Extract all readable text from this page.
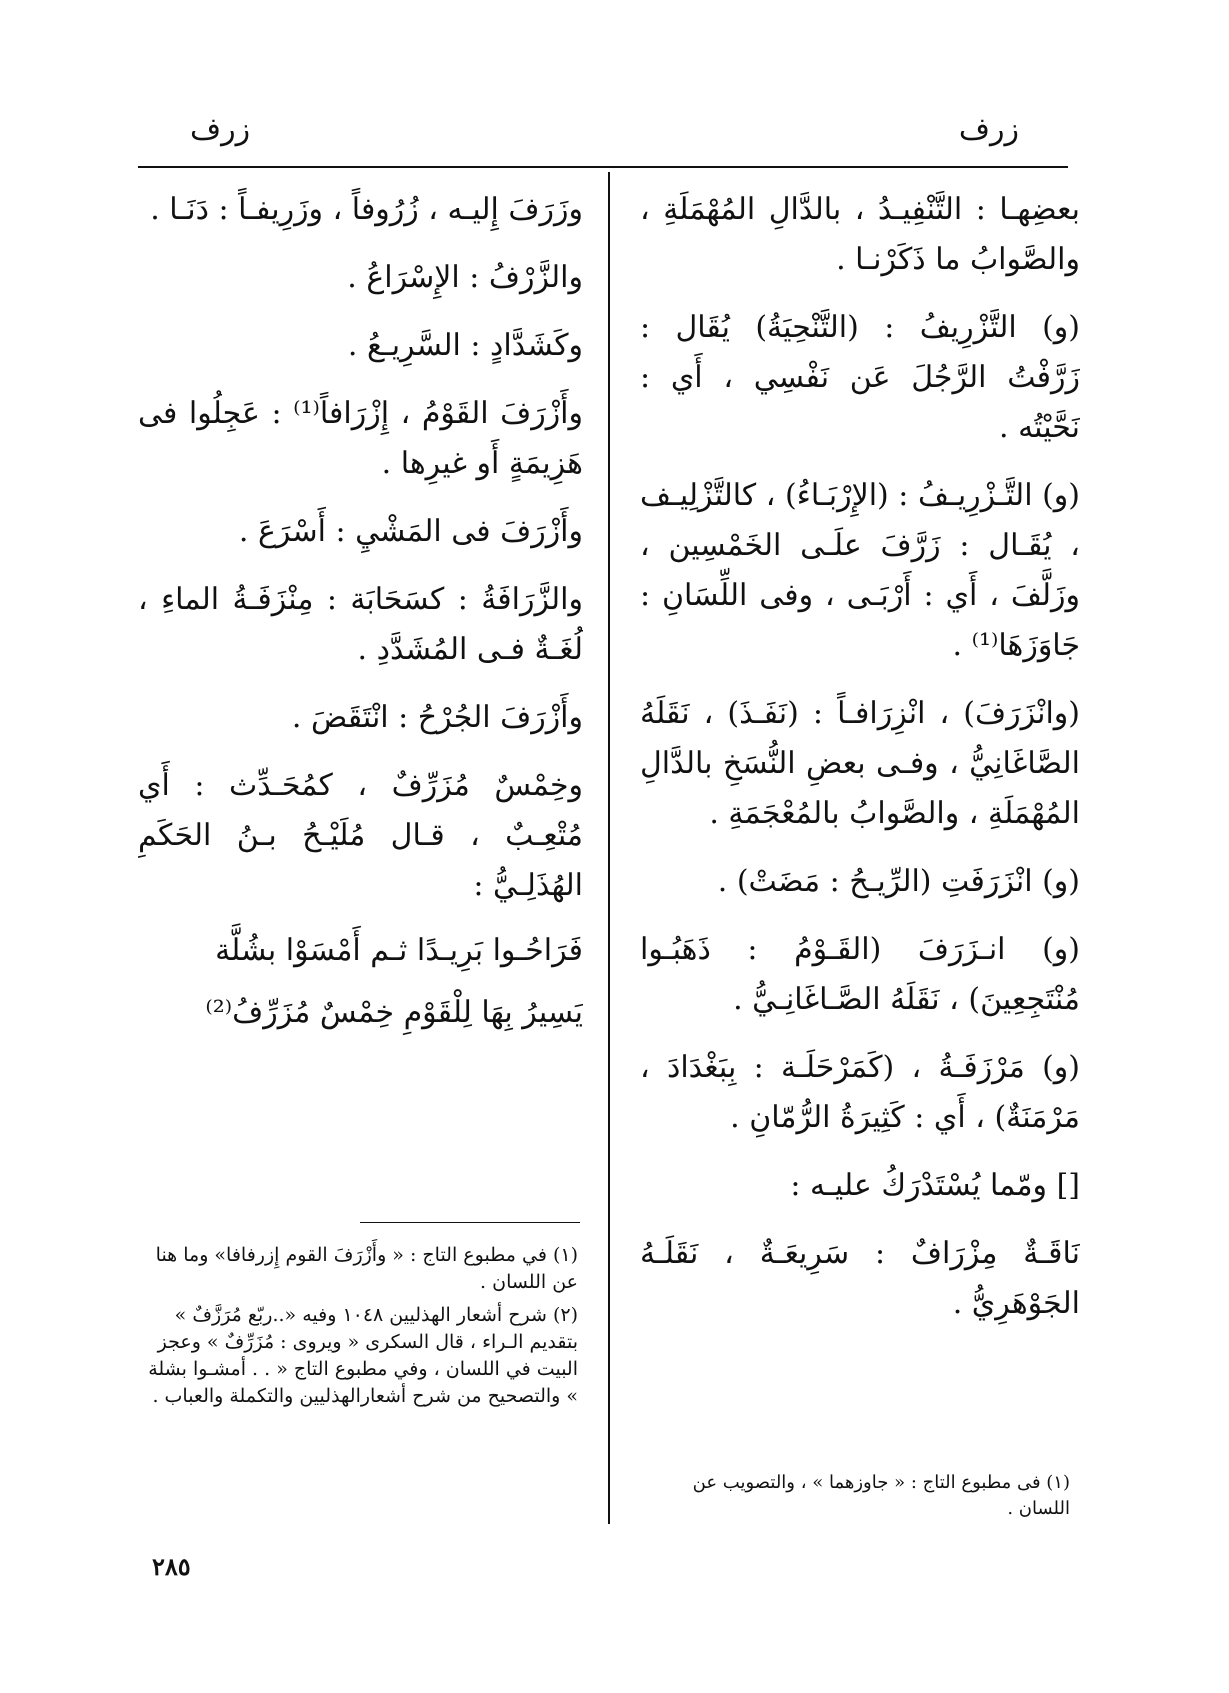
زرف
زرف

بعضِهـا : التَّنْفِيـدُ ، بالدَّالِ المُهْمَلَةِ ، والصَّوابُ ما ذَكَرْنـا .

(و) التَّزْرِيفُ : (التَّنْحِيَةُ) يُقَال : زَرَّفْتُ الرَّجُلَ عَن نَفْسِي ، أَي : نَحَّيْتُه .

(و) التَّـزْرِيـفُ : (الإِرْبَـاءُ) ، كالتَّزْلِيـف ، يُقَـال : زَرَّفَ علَـى الخَمْسِين ، وزَلَّفَ ، أَي : أَرْبَـى ، وفى اللِّسَانِ : جَاوَزَهَا⁽¹⁾ .

(وانْزَرَفَ) ، انْزِرَافـاً : (نَفَـذَ) ، نَقَلَهُ الصَّاغَانِيُّ ، وفـى بعضِ النُّسَخِ بالدَّالِ المُهْمَلَةِ ، والصَّوابُ بالمُعْجَمَةِ .

(و) انْزَرَفَتِ (الرِّيـحُ : مَضَتْ) .

(و) انـزَرَفَ (القَـوْمُ : ذَهَبُـوا مُنْتَجِعِينَ) ، نَقَلَهُ الصَّـاغَانِـيُّ .

(و) مَرْزَفَـةُ ، (كَمَرْحَلَـة : بِبَغْدَادَ ، مَرْمَنَةٌ) ، أَي : كَثِيرَةُ الرُّمّانِ .

[] ومّما يُسْتَدْرَكُ عليـه :

نَاقَـةٌ مِزْرَافٌ : سَرِيعَـةٌ ، نَقَلَـهُ الجَوْهَرِيُّ .

وزَرَفَ إِليـه ، زُرُوفاً ، وزَرِيفـاً : دَنَـا .

والزَّرْفُ : الإِسْرَاعُ .

وكَشَدَّادٍ : السَّرِيـعُ .

وأَزْرَفَ القَوْمُ ، إِزْرَافاً⁽¹⁾ : عَجِلُوا فى هَزِيمَةٍ أَو غيرِها .

وأَزْرَفَ فى المَشْيِ : أَسْرَعَ .

والزَّرَافَةُ : كسَحَابَة : مِنْزَفَـةُ الماءِ ، لُغَـةٌ فـى المُشَدَّدِ .

وأَزْرَفَ الجُرْحُ : انْتَقَضَ .

وخِمْسٌ مُزَرِّفٌ ، كمُحَـدِّث : أَي مُتْعِـبٌ ، قـال مُلَيْـحُ بـنُ الحَكَمِ الهُذَلِـيُّ :

فَرَاحُـوا بَرِيـدًا ثـم أَمْسَوْا بشُلَّة

يَسِيرُ بِهَا لِلْقَوْمِ خِمْسٌ مُزَرِّفُ⁽²⁾

(١) في مطبوع التاج : « وأَزْرَفَ القوم إِزرفافا» وما هنا عن اللسان .

(٢) شرح أشعار الهذليين ١٠٤٨ وفيه «..ربّع مُرَزَّفٌ » بتقديم الـراء ، قال السكرى « ويروى : مُزَرِّفٌ » وعجز البيت في اللسان ، وفي مطبوع التاج « . . أمشـوا بشلة » والتصحيح من شرح أشعارالهذليين والتكملة والعباب .

(١) فى مطبوع التاج : « جاوزهما » ، والتصويب عن اللسان .

٢٨٥
